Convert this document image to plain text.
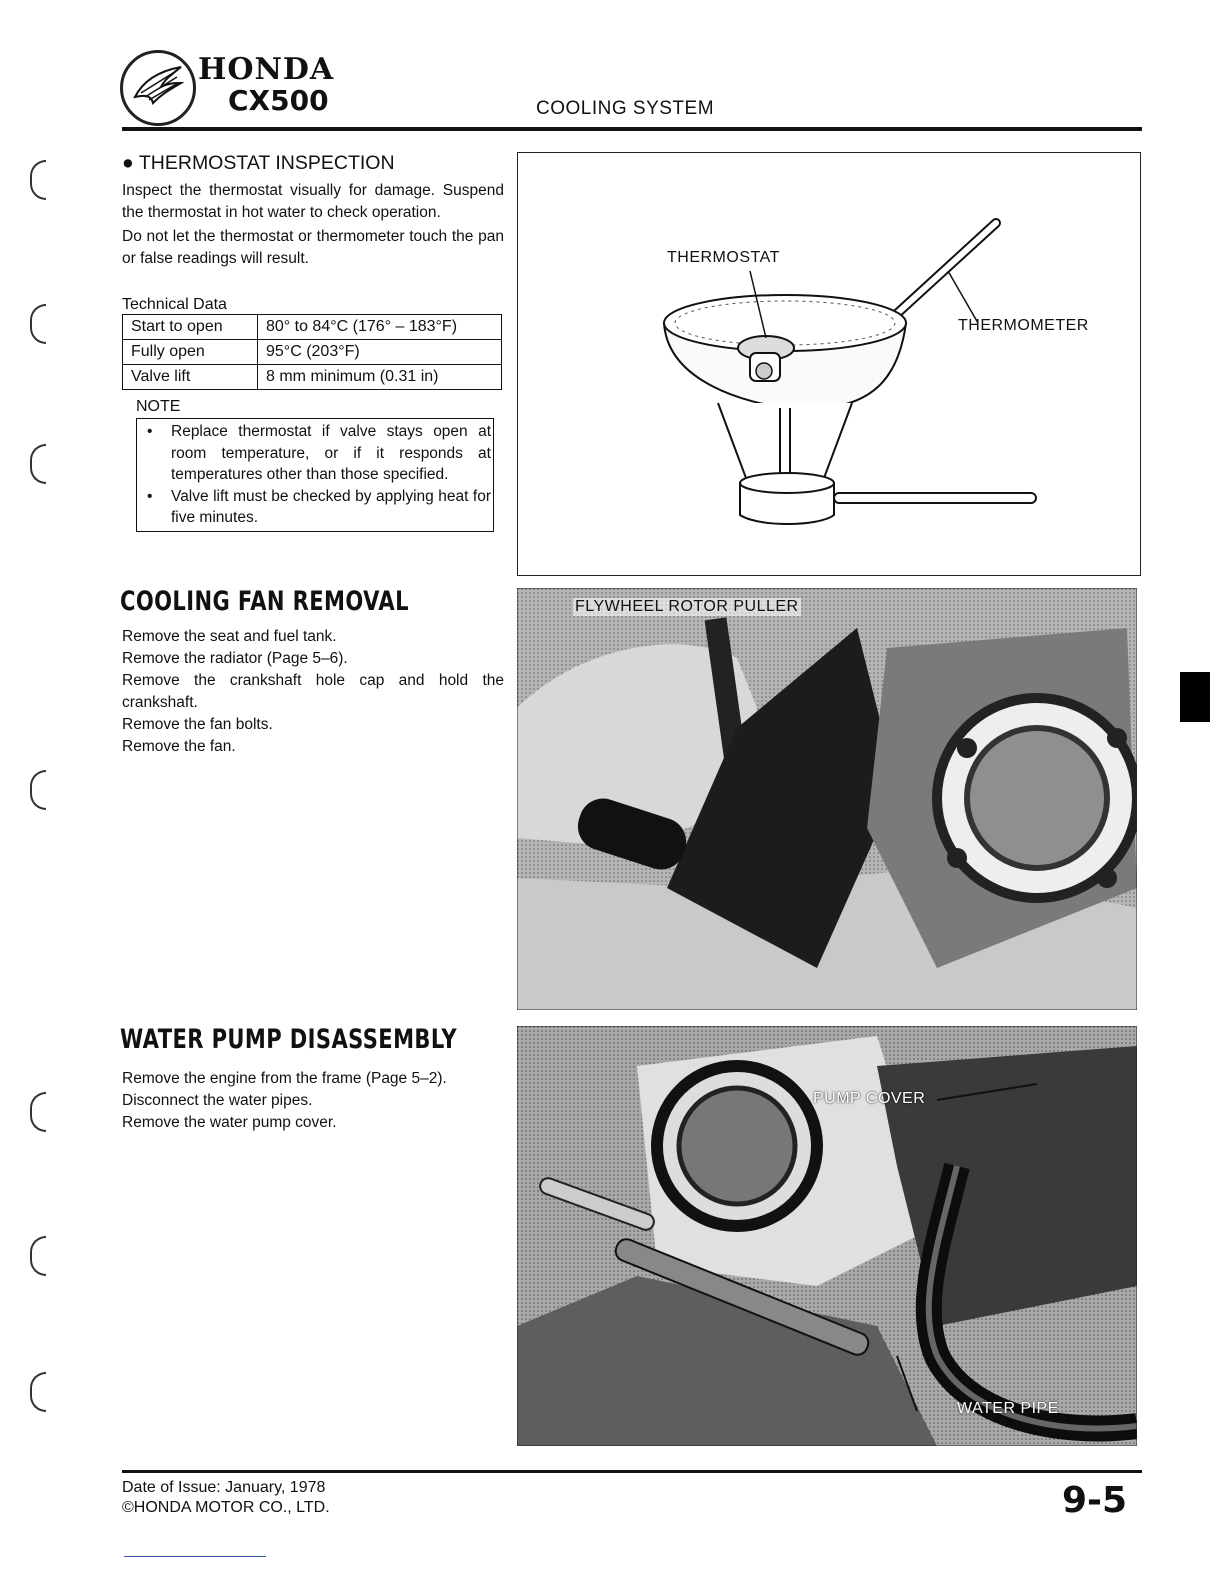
HONDA
CX500	COOLING SYSTEM
● THERMOSTAT INSPECTION

Inspect the thermostat visually for damage. Suspend the thermostat in hot water to check operation.

Do not let the thermostat or thermometer touch the pan or false readings will result.

Technical Data
Start to open	80° to 84°C (176° – 183°F)
Fully open	95°C (203°F)
Valve lift	8 mm minimum (0.31 in)
NOTE
• Replace thermostat if valve stays open at room temperature, or if it responds at temperatures other than those specified.
• Valve lift must be checked by applying heat for five minutes.
THERMOSTAT
THERMOMETER
COOLING FAN REMOVAL
Remove the seat and fuel tank.
Remove the radiator (Page 5–6).
Remove the crankshaft hole cap and hold the crankshaft.
Remove the fan bolts.
Remove the fan.
FLYWHEEL ROTOR PULLER
WATER PUMP DISASSEMBLY
Remove the engine from the frame (Page 5–2).
Disconnect the water pipes.
Remove the water pump cover.
PUMP COVER
WATER PIPE
Date of Issue: January, 1978
©HONDA MOTOR CO., LTD.	9-5
